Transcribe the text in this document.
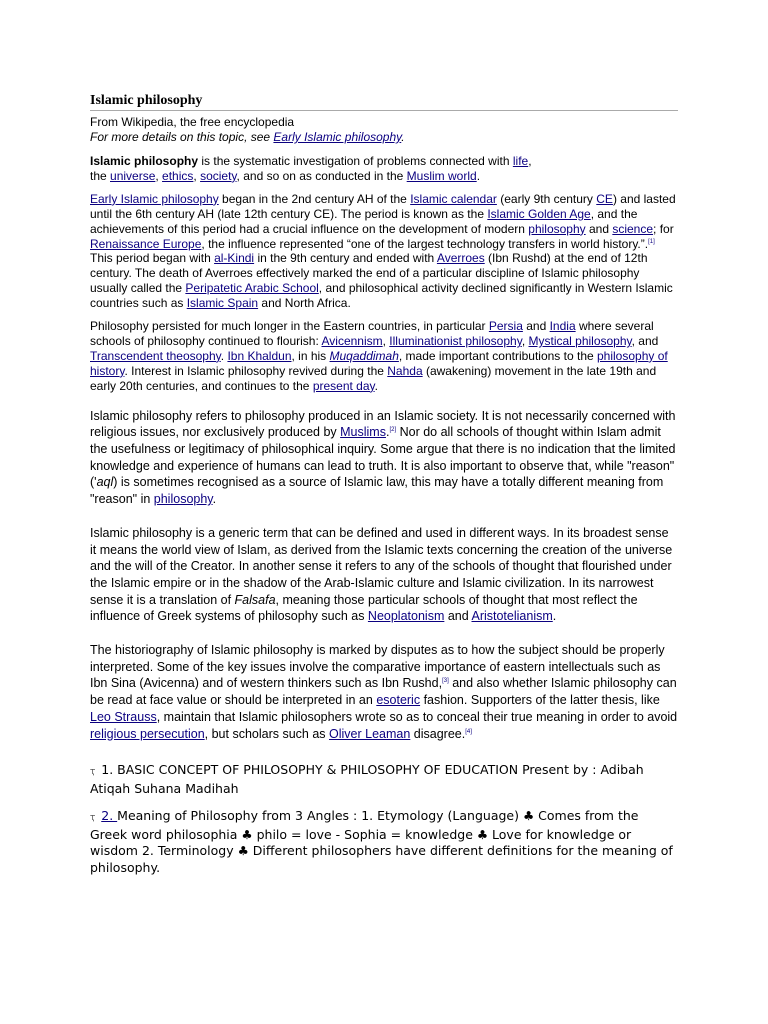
Islamic philosophy
From Wikipedia, the free encyclopedia
For more details on this topic, see Early Islamic philosophy.

Islamic philosophy is the systematic investigation of problems connected with life,
the universe, ethics, society, and so on as conducted in the Muslim world.

Early Islamic philosophy began in the 2nd century AH of the Islamic calendar (early 9th century CE) and lasted until the 6th century AH (late 12th century CE). The period is known as the Islamic Golden Age, and the achievements of this period had a crucial influence on the development of modern philosophy and science; for Renaissance Europe, the influence represented “one of the largest technology transfers in world history.”.[1] This period began with al-Kindi in the 9th century and ended with Averroes (Ibn Rushd) at the end of 12th century. The death of Averroes effectively marked the end of a particular discipline of Islamic philosophy usually called the Peripatetic Arabic School, and philosophical activity declined significantly in Western Islamic countries such as Islamic Spain and North Africa.

Philosophy persisted for much longer in the Eastern countries, in particular Persia and India where several schools of philosophy continued to flourish: Avicennism, Illuminationist philosophy, Mystical philosophy, and Transcendent theosophy. Ibn Khaldun, in his Muqaddimah, made important contributions to the philosophy of history. Interest in Islamic philosophy revived during the Nahda (awakening) movement in the late 19th and early 20th centuries, and continues to the present day.

Islamic philosophy refers to philosophy produced in an Islamic society. It is not necessarily concerned with religious issues, nor exclusively produced by Muslims.[2] Nor do all schools of thought within Islam admit the usefulness or legitimacy of philosophical inquiry. Some argue that there is no indication that the limited knowledge and experience of humans can lead to truth. It is also important to observe that, while "reason" ('aql) is sometimes recognised as a source of Islamic law, this may have a totally different meaning from "reason" in philosophy.

Islamic philosophy is a generic term that can be defined and used in different ways. In its broadest sense it means the world view of Islam, as derived from the Islamic texts concerning the creation of the universe and the will of the Creator. In another sense it refers to any of the schools of thought that flourished under the Islamic empire or in the shadow of the Arab-Islamic culture and Islamic civilization. In its narrowest sense it is a translation of Falsafa, meaning those particular schools of thought that most reflect the influence of Greek systems of philosophy such as Neoplatonism and Aristotelianism.

The historiography of Islamic philosophy is marked by disputes as to how the subject should be properly interpreted. Some of the key issues involve the comparative importance of eastern intellectuals such as Ibn Sina (Avicenna) and of western thinkers such as Ibn Rushd,[3] and also whether Islamic philosophy can be read at face value or should be interpreted in an esoteric fashion. Supporters of the latter thesis, like Leo Strauss, maintain that Islamic philosophers wrote so as to conceal their true meaning in order to avoid religious persecution, but scholars such as Oliver Leaman disagree.[4]

ҭ 1. BASIC CONCEPT OF PHILOSOPHY & PHILOSOPHY OF EDUCATION Present by : Adibah Atiqah Suhana Madihah

ҭ 2. Meaning of Philosophy from 3 Angles : 1. Etymology (Language) ♣ Comes from the Greek word philosophia ♣ philo = love - Sophia = knowledge ♣ Love for knowledge or wisdom 2. Terminology ♣ Different philosophers have different definitions for the meaning of philosophy.
